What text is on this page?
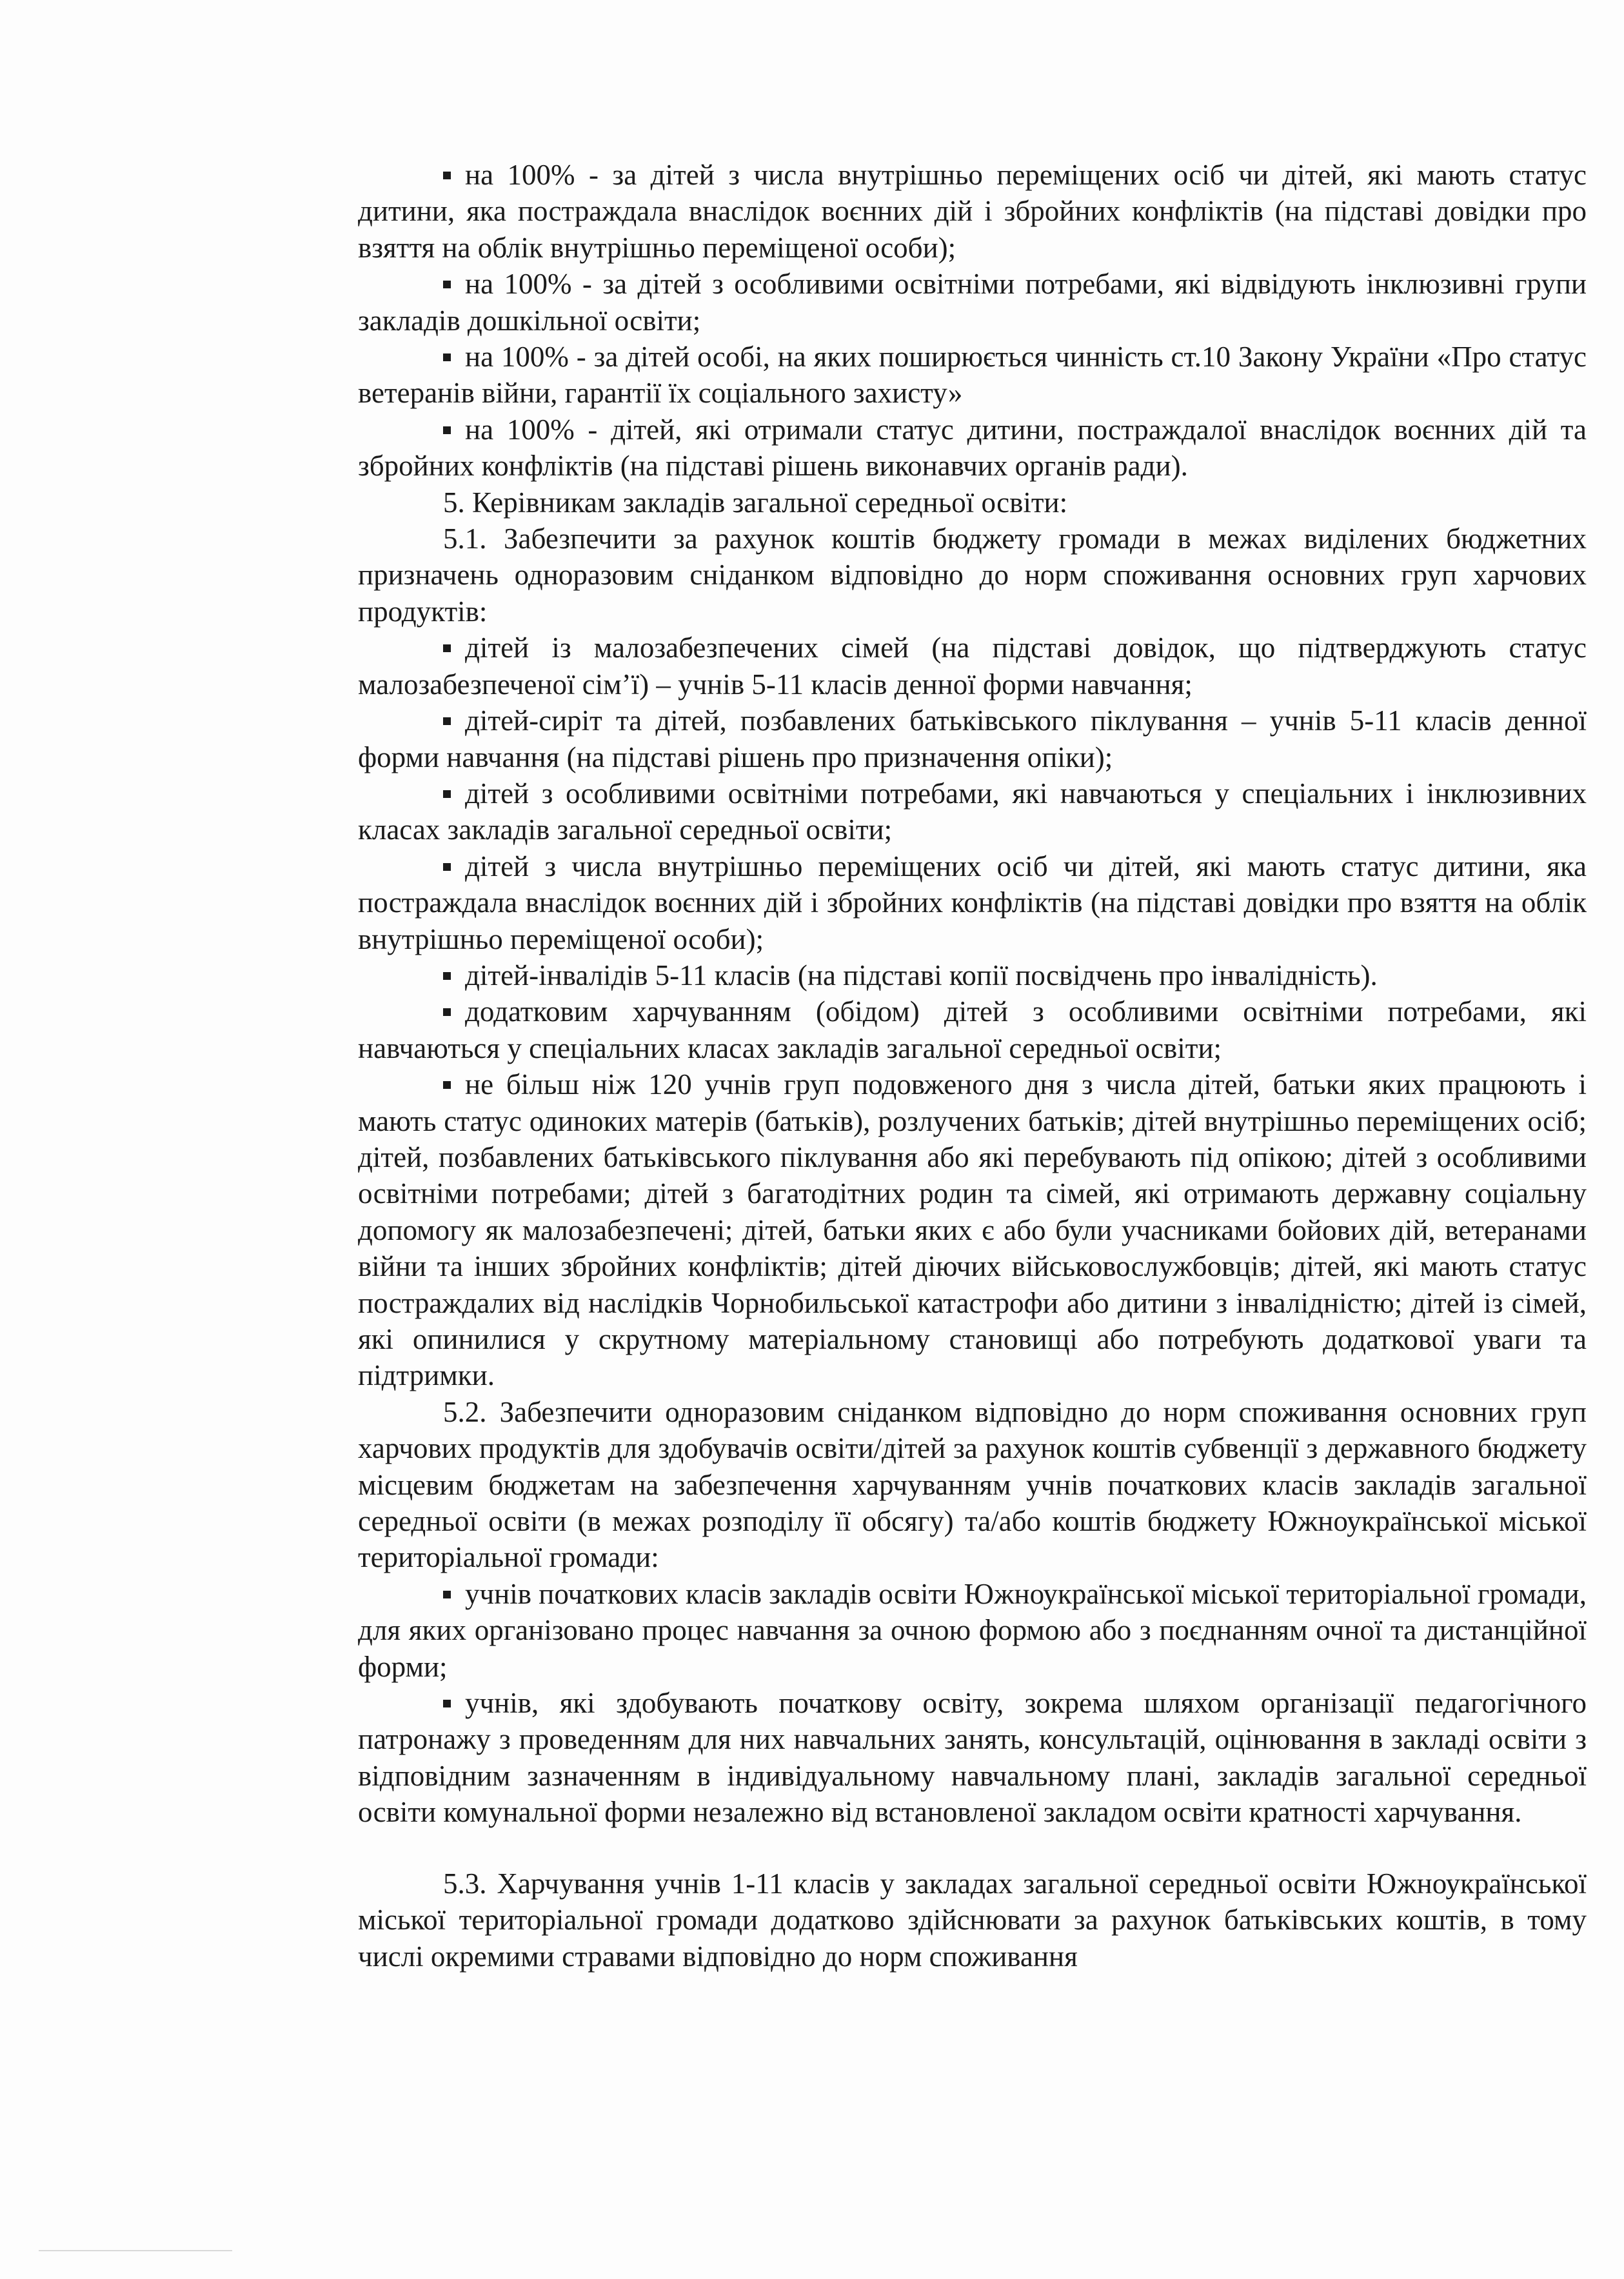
на 100% - за дітей з числа внутрішньо переміщених осіб чи дітей, які мають статус дитини, яка постраждала внаслідок воєнних дій і збройних конфліктів (на підставі довідки про взяття на облік внутрішньо переміщеної особи);

на 100% - за дітей з особливими освітніми потребами, які відвідують інклюзивні групи закладів дошкільної освіти;

на 100% - за дітей особі, на яких поширюється чинність ст.10 Закону України «Про статус ветеранів війни, гарантії їх соціального захисту»

на 100% - дітей, які отримали статус дитини, постраждалої внаслідок воєнних дій та збройних конфліктів (на підставі рішень виконавчих органів ради).

5. Керівникам закладів загальної середньої освіти:

5.1. Забезпечити за рахунок коштів бюджету громади в межах виділених бюджетних призначень одноразовим сніданком відповідно до норм споживання основних груп харчових продуктів:

дітей із малозабезпечених сімей (на підставі довідок, що підтверджують статус малозабезпеченої сім’ї) – учнів 5-11 класів денної форми навчання;

дітей-сиріт та дітей, позбавлених батьківського піклування – учнів 5-11 класів денної форми навчання (на підставі рішень про призначення опіки);

дітей з особливими освітніми потребами, які навчаються у спеціальних і інклюзивних класах закладів загальної середньої освіти;

дітей з числа внутрішньо переміщених осіб чи дітей, які мають статус дитини, яка постраждала внаслідок воєнних дій і збройних конфліктів (на підставі довідки про взяття на облік внутрішньо переміщеної особи);

дітей-інвалідів 5-11 класів (на підставі копії посвідчень про інвалідність).

додатковим харчуванням (обідом) дітей з особливими освітніми потребами, які навчаються у спеціальних класах закладів загальної середньої освіти;

не більш ніж 120 учнів груп подовженого дня з числа дітей, батьки яких працюють і мають статус одиноких матерів (батьків), розлучених батьків; дітей внутрішньо переміщених осіб; дітей, позбавлених батьківського піклування або які перебувають під опікою; дітей з особливими освітніми потребами; дітей з багатодітних родин та сімей, які отримають державну соціальну допомогу як малозабезпечені; дітей, батьки яких є або були учасниками бойових дій, ветеранами війни та інших збройних конфліктів; дітей діючих військовослужбовців; дітей, які мають статус постраждалих від наслідків Чорнобильської катастрофи або дитини з інвалідністю; дітей із сімей, які опинилися у скрутному матеріальному становищі або потребують додаткової уваги та підтримки.

5.2. Забезпечити одноразовим сніданком відповідно до норм споживання основних груп харчових продуктів для здобувачів освіти/дітей за рахунок коштів субвенції з державного бюджету місцевим бюджетам на забезпечення харчуванням учнів початкових класів закладів загальної середньої освіти (в межах розподілу її обсягу) та/або коштів бюджету Южноукраїнської міської територіальної громади:

учнів початкових класів закладів освіти Южноукраїнської міської територіальної громади, для яких організовано процес навчання за очною формою або з поєднанням очної та дистанційної форми;

учнів, які здобувають початкову освіту, зокрема шляхом організації педагогічного патронажу з проведенням для них навчальних занять, консультацій, оцінювання в закладі освіти з відповідним зазначенням в індивідуальному навчальному плані, закладів загальної середньої освіти комунальної форми незалежно від встановленої закладом освіти кратності харчування.

5.3. Харчування учнів 1-11 класів у закладах загальної середньої освіти Южноукраїнської міської територіальної громади додатково здійснювати за рахунок батьківських коштів, в тому числі окремими стравами відповідно до норм споживання
